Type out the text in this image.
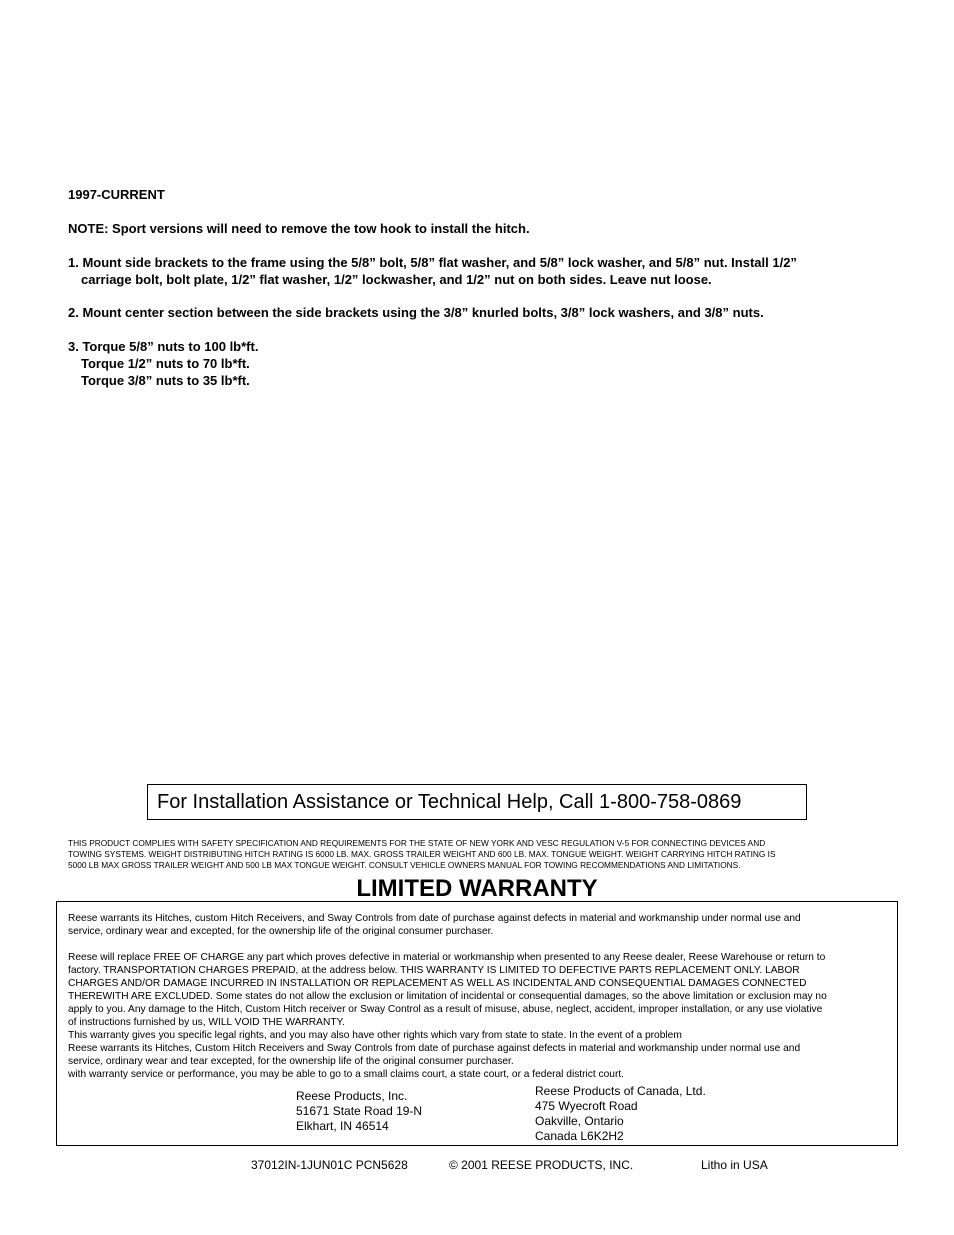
1997-CURRENT
NOTE: Sport versions will need to remove the tow hook to install the hitch.
1. Mount side brackets to the frame using the 5/8” bolt, 5/8” flat washer, and 5/8” lock washer, and 5/8” nut. Install 1/2”
carriage bolt, bolt plate, 1/2” flat washer, 1/2” lockwasher, and 1/2” nut on both sides. Leave nut loose.
2. Mount center section between the side brackets using the 3/8” knurled bolts, 3/8” lock washers, and 3/8” nuts.
3. Torque 5/8” nuts to 100 lb*ft.
Torque 1/2” nuts to 70 lb*ft.
Torque 3/8” nuts to 35 lb*ft.
For Installation Assistance or Technical Help, Call 1-800-758-0869
THIS PRODUCT COMPLIES WITH SAFETY SPECIFICATION AND REQUIREMENTS FOR THE STATE OF NEW YORK AND VESC REGULATION V-5 FOR CONNECTING DEVICES AND
TOWING SYSTEMS. WEIGHT DISTRIBUTING HITCH RATING IS 6000 LB. MAX. GROSS TRAILER WEIGHT AND 600 LB. MAX. TONGUE WEIGHT. WEIGHT CARRYING HITCH RATING IS
5000 LB MAX GROSS TRAILER WEIGHT AND 500 LB MAX TONGUE WEIGHT. CONSULT VEHICLE OWNERS MANUAL FOR TOWING RECOMMENDATIONS AND LIMITATIONS.
LIMITED WARRANTY
Reese warrants its Hitches, custom Hitch Receivers, and Sway Controls from date of purchase against defects in material and workmanship under normal use and
service, ordinary wear and excepted, for the ownership life of the original consumer purchaser.
Reese will replace FREE OF CHARGE any part which proves defective in material or workmanship when presented to any Reese dealer, Reese Warehouse or return to
factory. TRANSPORTATION CHARGES PREPAID, at the address below. THIS WARRANTY IS LIMITED TO DEFECTIVE PARTS REPLACEMENT ONLY. LABOR
CHARGES AND/OR DAMAGE INCURRED IN INSTALLATION OR REPLACEMENT AS WELL AS INCIDENTAL AND CONSEQUENTIAL DAMAGES CONNECTED
THEREWITH ARE EXCLUDED. Some states do not allow the exclusion or limitation of incidental or consequential damages, so the above limitation or exclusion may no
apply to you. Any damage to the Hitch, Custom Hitch receiver or Sway Control as a result of misuse, abuse, neglect, accident, improper installation, or any use violative
of instructions furnished by us, WILL VOID THE WARRANTY.
This warranty gives you specific legal rights, and you may also have other rights which vary from state to state. In the event of a problem
Reese warrants its Hitches, Custom Hitch Receivers and Sway Controls from date of purchase against defects in material and workmanship under normal use and
service, ordinary wear and tear excepted, for the ownership life of the original consumer purchaser.
with warranty service or performance, you may be able to go to a small claims court, a state court, or a federal district court.
Reese Products, Inc.
51671 State Road 19-N
Elkhart, IN 46514
Reese Products of Canada, Ltd.
475 Wyecroft Road
Oakville, Ontario
Canada L6K2H2
37012IN-1JUN01C PCN5628	© 2001 REESE PRODUCTS, INC.	Litho in USA
